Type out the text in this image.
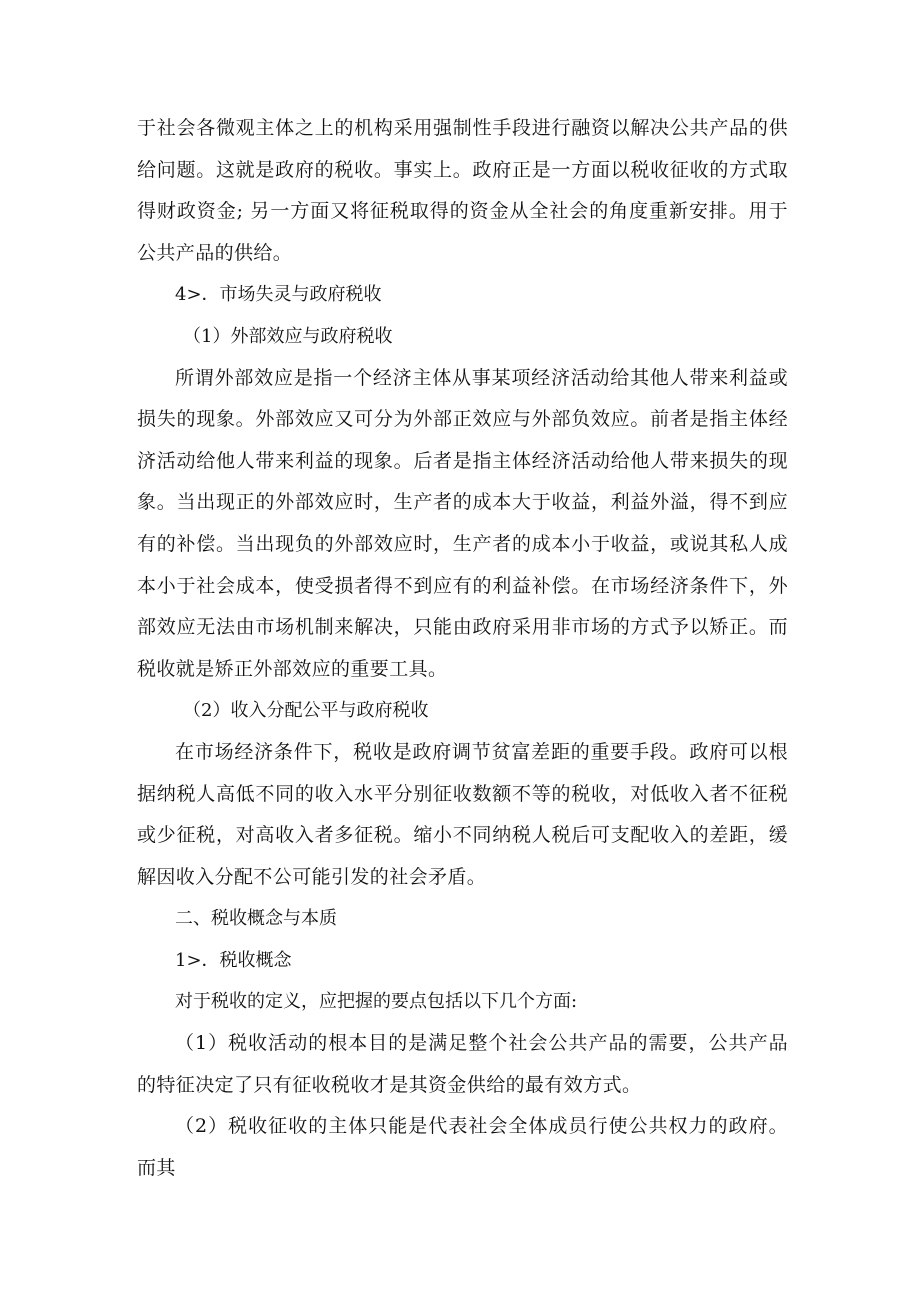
于社会各微观主体之上的机构采用强制性手段进行融资以解决公共产品的供给问题。这就是政府的税收。事实上。政府正是一方面以税收征收的方式取得财政资金; 另一方面又将征税取得的资金从全社会的角度重新安排。用于公共产品的供给。

4>．市场失灵与政府税收

（1）外部效应与政府税收

所谓外部效应是指一个经济主体从事某项经济活动给其他人带来利益或损失的现象。外部效应又可分为外部正效应与外部负效应。前者是指主体经济活动给他人带来利益的现象。后者是指主体经济活动给他人带来损失的现象。当出现正的外部效应时，生产者的成本大于收益，利益外溢，得不到应有的补偿。当出现负的外部效应时，生产者的成本小于收益，或说其私人成本小于社会成本，使受损者得不到应有的利益补偿。在市场经济条件下，外部效应无法由市场机制来解决，只能由政府采用非市场的方式予以矫正。而税收就是矫正外部效应的重要工具。

（2）收入分配公平与政府税收

在市场经济条件下，税收是政府调节贫富差距的重要手段。政府可以根据纳税人高低不同的收入水平分别征收数额不等的税收，对低收入者不征税或少征税，对高收入者多征税。缩小不同纳税人税后可支配收入的差距，缓解因收入分配不公可能引发的社会矛盾。

二、税收概念与本质

1>．税收概念

对于税收的定义，应把握的要点包括以下几个方面:

（1）税收活动的根本目的是满足整个社会公共产品的需要，公共产品的特征决定了只有征收税收才是其资金供给的最有效方式。

（2）税收征收的主体只能是代表社会全体成员行使公共权力的政府。而其
